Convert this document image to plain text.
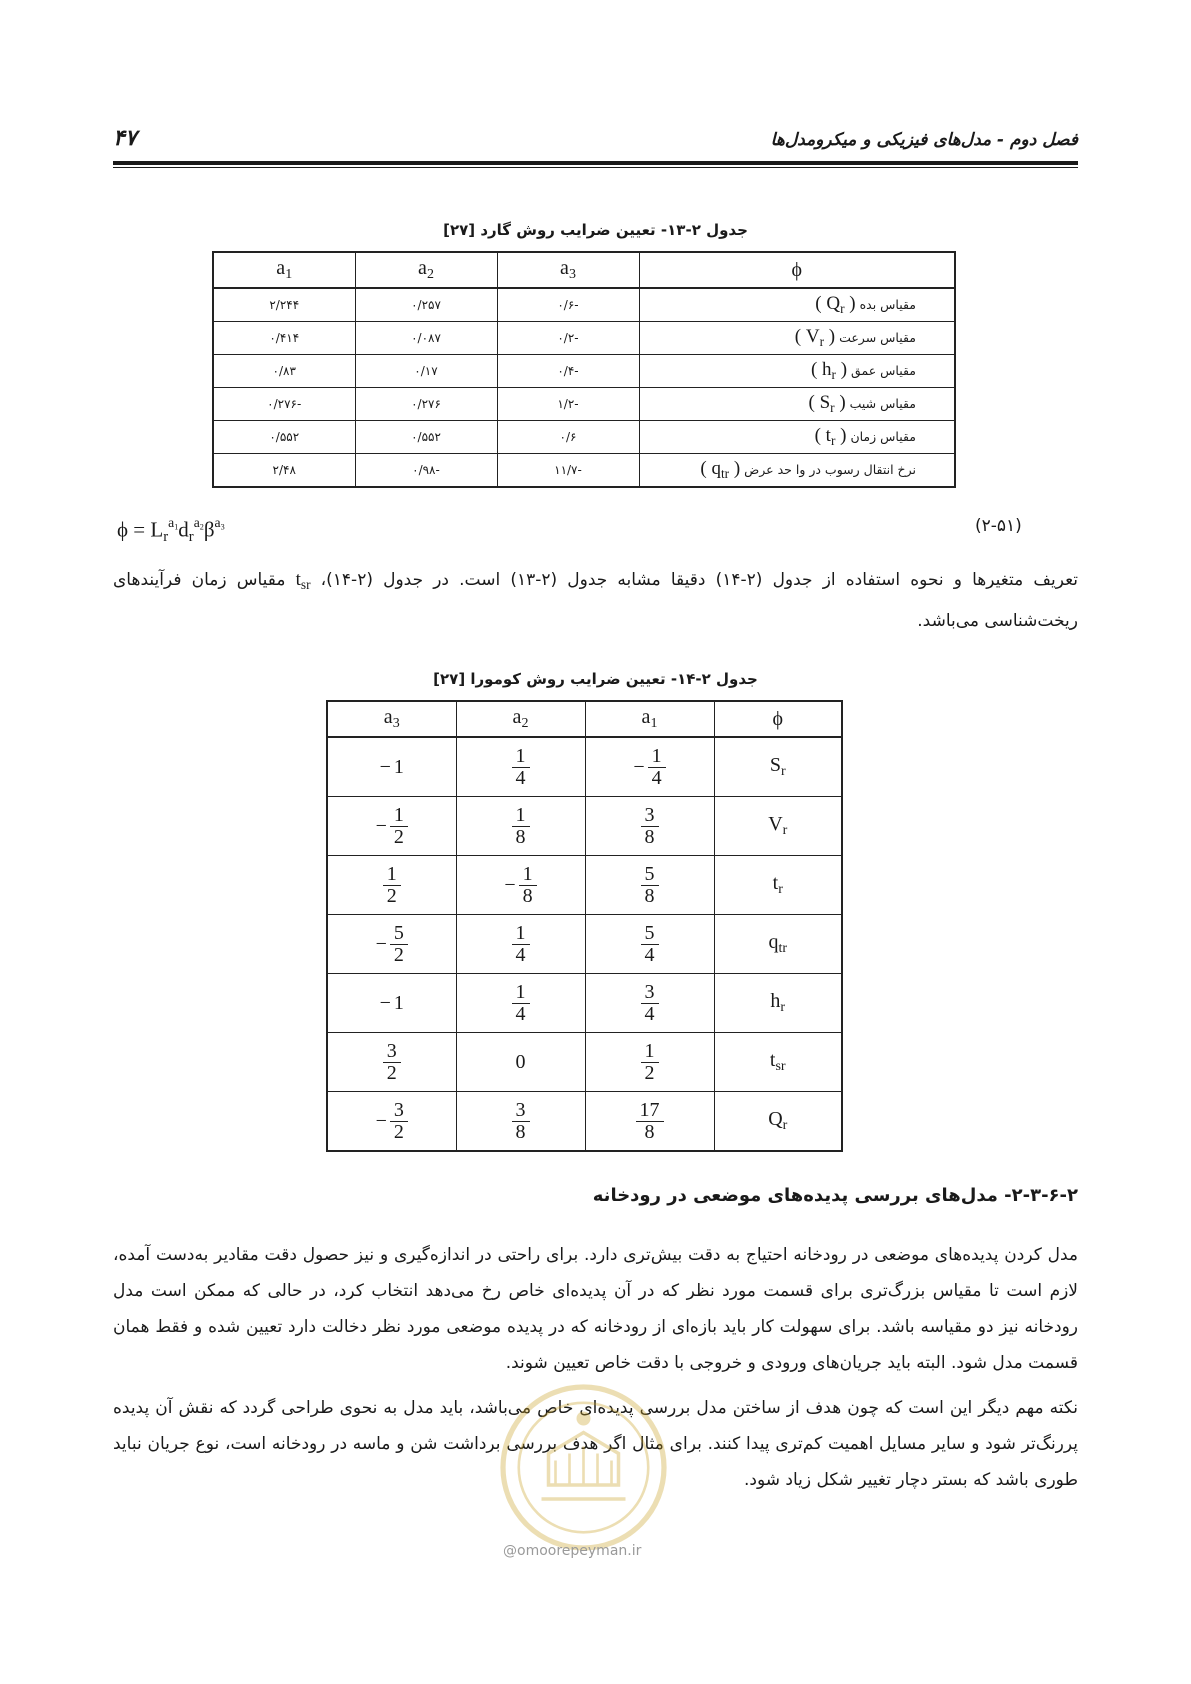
فصل دوم - مدل‌های فیزیکی و میکرومدل‌ها
۴۷
جدول ۲-۱۳- تعیین ضرایب روش گارد [۲۷]
$a_1$	$a_2$	$a_3$	ϕ
۲/۲۴۴	۰/۲۵۷	-۰/۶	مقیاس بده ( $Q_r$ )
۰/۴۱۴	۰/۰۸۷	-۰/۲	مقیاس سرعت ( $V_r$ )
۰/۸۳	۰/۱۷	-۰/۴	مقیاس عمق ( $h_r$ )
-۰/۲۷۶	۰/۲۷۶	-۱/۲	مقیاس شیب ( $S_r$ )
۰/۵۵۲	۰/۵۵۲	۰/۶	مقیاس زمان ( $t_r$ )
۲/۴۸	-۰/۹۸	-۱۱/۷	نرخ انتقال رسوب در وا حد عرض ( $q_{tr}$ )
$\phi = L_r^{a_1}d_r^{a_2}\beta^{a_3}$	(۲-۵۱)
تعریف متغیرها و نحوه استفاده از جدول (۲-۱۴) دقیقا مشابه جدول (۲-۱۳) است. در جدول (۲-۱۴)، $t_{sr}$ مقیاس زمان فرآیندهای ریخت‌شناسی می‌باشد.
جدول ۲-۱۴- تعیین ضرایب روش کومورا [۲۷]
$a_3$	$a_2$	$a_1$	ϕ

− 1	$\frac{1}{4}$	− $\frac{1}{4}$	$S_r$

− $\frac{1}{2}$	$\frac{1}{8}$	$\frac{3}{8}$	$V_r$

$\frac{1}{2}$	− $\frac{1}{8}$	$\frac{5}{8}$	$t_r$

− $\frac{5}{2}$	$\frac{1}{4}$	$\frac{5}{4}$	$q_{tr}$

− 1	$\frac{1}{4}$	$\frac{3}{4}$	$h_r$

$\frac{3}{2}$	0	$\frac{1}{2}$	$t_{sr}$

− $\frac{3}{2}$	$\frac{3}{8}$	$\frac{17}{8}$	$Q_r$
۲-۳-۶-۲- مدل‌های بررسی پدیده‌های موضعی در رودخانه
مدل کردن پدیده‌های موضعی در رودخانه احتیاج به دقت بیش‌تری دارد. برای راحتی در اندازه‌گیری و نیز حصول دقت مقادیر به‌دست آمده، لازم است تا مقیاس بزرگ‌تری برای قسمت مورد نظر که در آن پدیده‌ای خاص رخ می‌دهد انتخاب کرد، در حالی که ممکن است مدل رودخانه نیز دو مقیاسه باشد. برای سهولت کار باید بازه‌ای از رودخانه که در پدیده موضعی مورد نظر دخالت دارد تعیین شده و فقط همان قسمت مدل شود. البته باید جریان‌های ورودی و خروجی با دقت خاص تعیین شوند.
نکته مهم دیگر این است که چون هدف از ساختن مدل بررسی پدیده‌ای خاص می‌باشد، باید مدل به نحوی طراحی گردد که نقش آن پدیده پررنگ‌تر شود و سایر مسایل اهمیت کم‌تری پیدا کنند. برای مثال اگر هدف بررسی برداشت شن و ماسه در رودخانه است، نوع جریان نباید طوری باشد که بستر دچار تغییر شکل زیاد شود.
@omoorepeyman.ir
